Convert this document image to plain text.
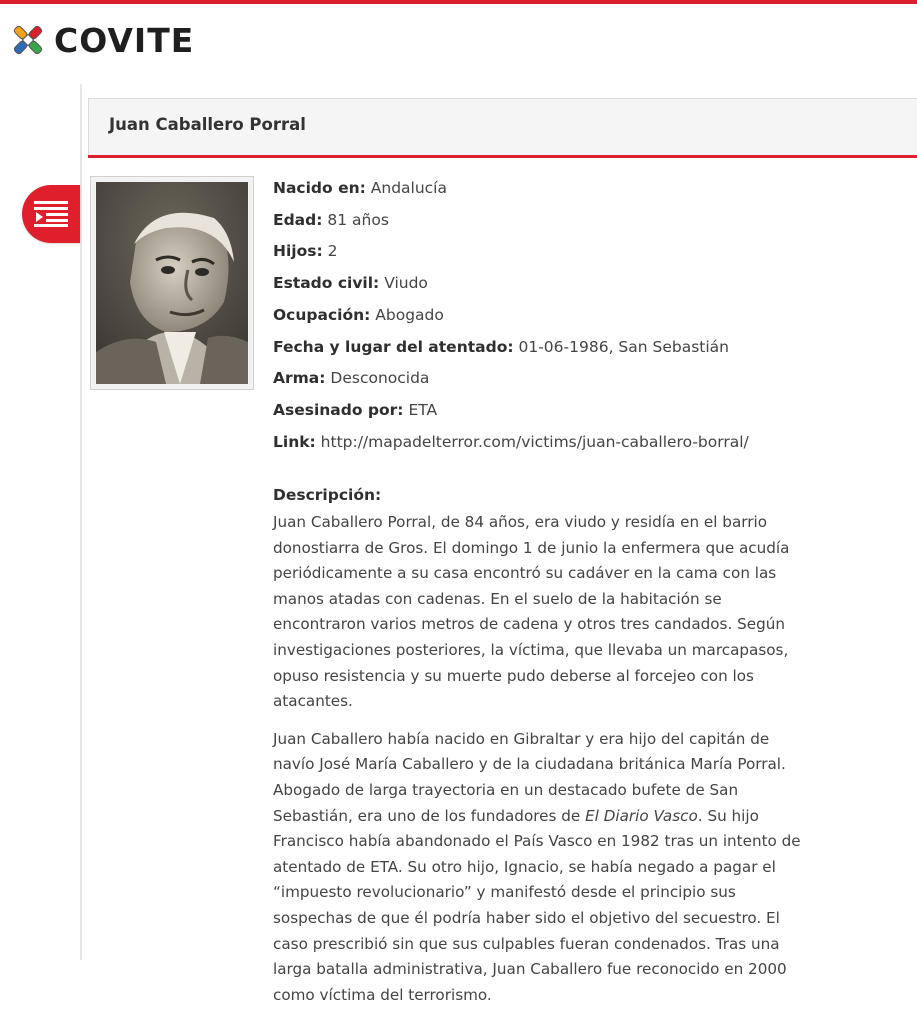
COVITE
Juan Caballero Porral
Nacido en: Andalucía
Edad: 81 años
Hijos: 2
Estado civil: Viudo
Ocupación: Abogado
Fecha y lugar del atentado: 01-06-1986, San Sebastián
Arma: Desconocida
Asesinado por: ETA
Link: http://mapadelterror.com/victims/juan-caballero-borral/
Descripción:

Juan Caballero Porral, de 84 años, era viudo y residía en el barrio donostiarra de Gros. El domingo 1 de junio la enfermera que acudía periódicamente a su casa encontró su cadáver en la cama con las manos atadas con cadenas. En el suelo de la habitación se encontraron varios metros de cadena y otros tres candados. Según investigaciones posteriores, la víctima, que llevaba un marcapasos, opuso resistencia y su muerte pudo deberse al forcejeo con los atacantes.

Juan Caballero había nacido en Gibraltar y era hijo del capitán de navío José María Caballero y de la ciudadana británica María Porral. Abogado de larga trayectoria en un destacado bufete de San Sebastián, era uno de los fundadores de El Diario Vasco. Su hijo Francisco había abandonado el País Vasco en 1982 tras un intento de atentado de ETA. Su otro hijo, Ignacio, se había negado a pagar el “impuesto revolucionario” y manifestó desde el principio sus sospechas de que él podría haber sido el objetivo del secuestro. El caso prescribió sin que sus culpables fueran condenados. Tras una larga batalla administrativa, Juan Caballero fue reconocido en 2000 como víctima del terrorismo.
